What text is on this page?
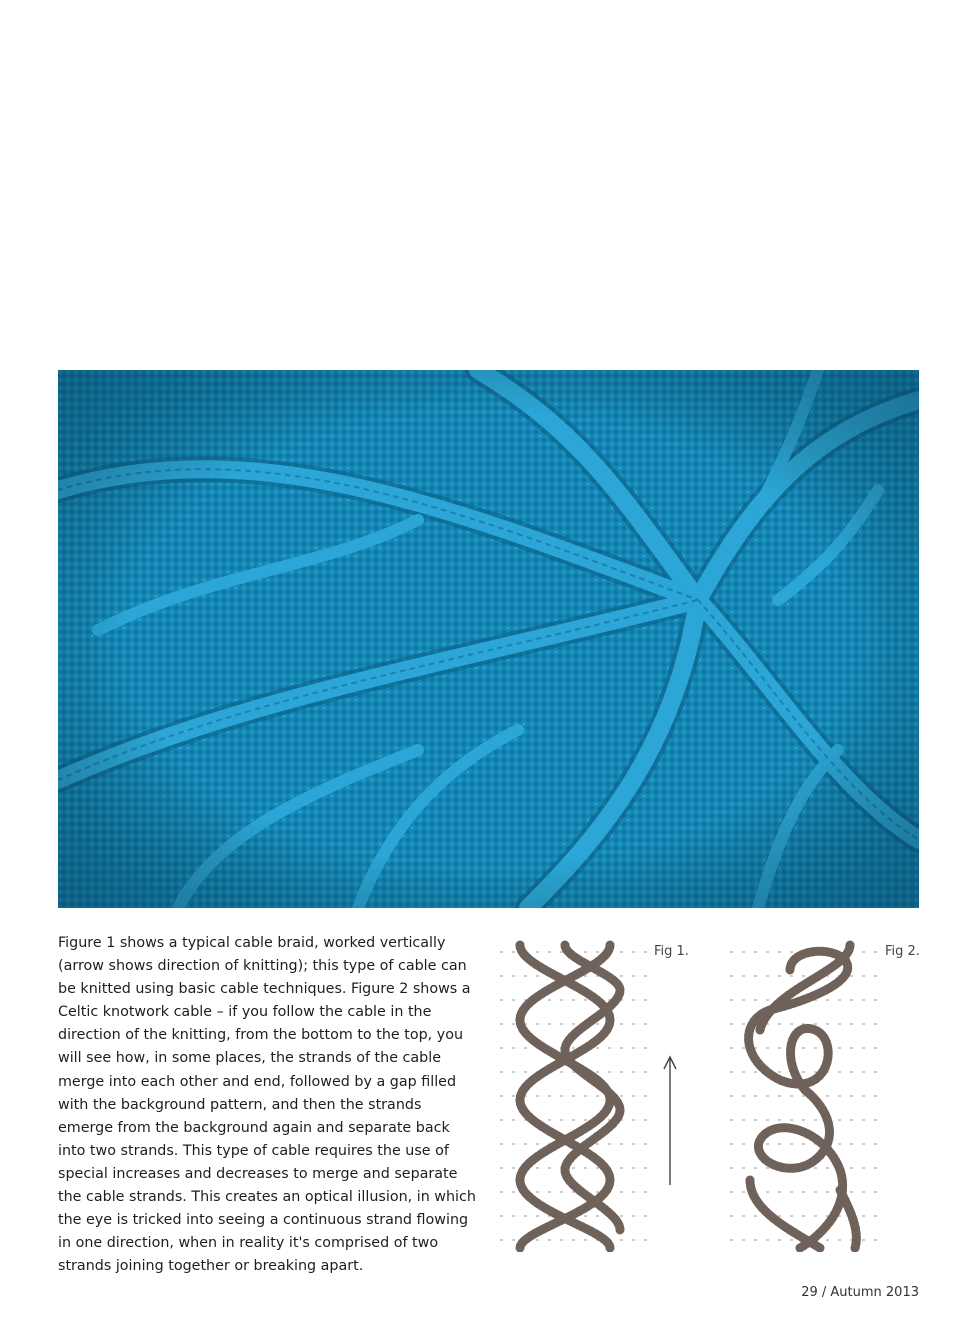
Figure 1 shows a typical cable braid, worked vertically (arrow shows direction of knitting); this type of cable can be knitted using basic cable techniques. Figure 2 shows a Celtic knotwork cable – if you follow the cable in the direction of the knitting, from the bottom to the top, you will see how, in some places, the strands of the cable merge into each other and end, followed by a gap filled with the background pattern, and then the strands emerge from the background again and separate back into two strands. This type of cable requires the use of special increases and decreases to merge and separate the cable strands. This creates an optical illusion, in which the eye is tricked into seeing a continuous strand flowing in one direction, when in reality it's comprised of two strands joining together or breaking apart.

Fig 1.	Fig 2.
29 / Autumn 2013
